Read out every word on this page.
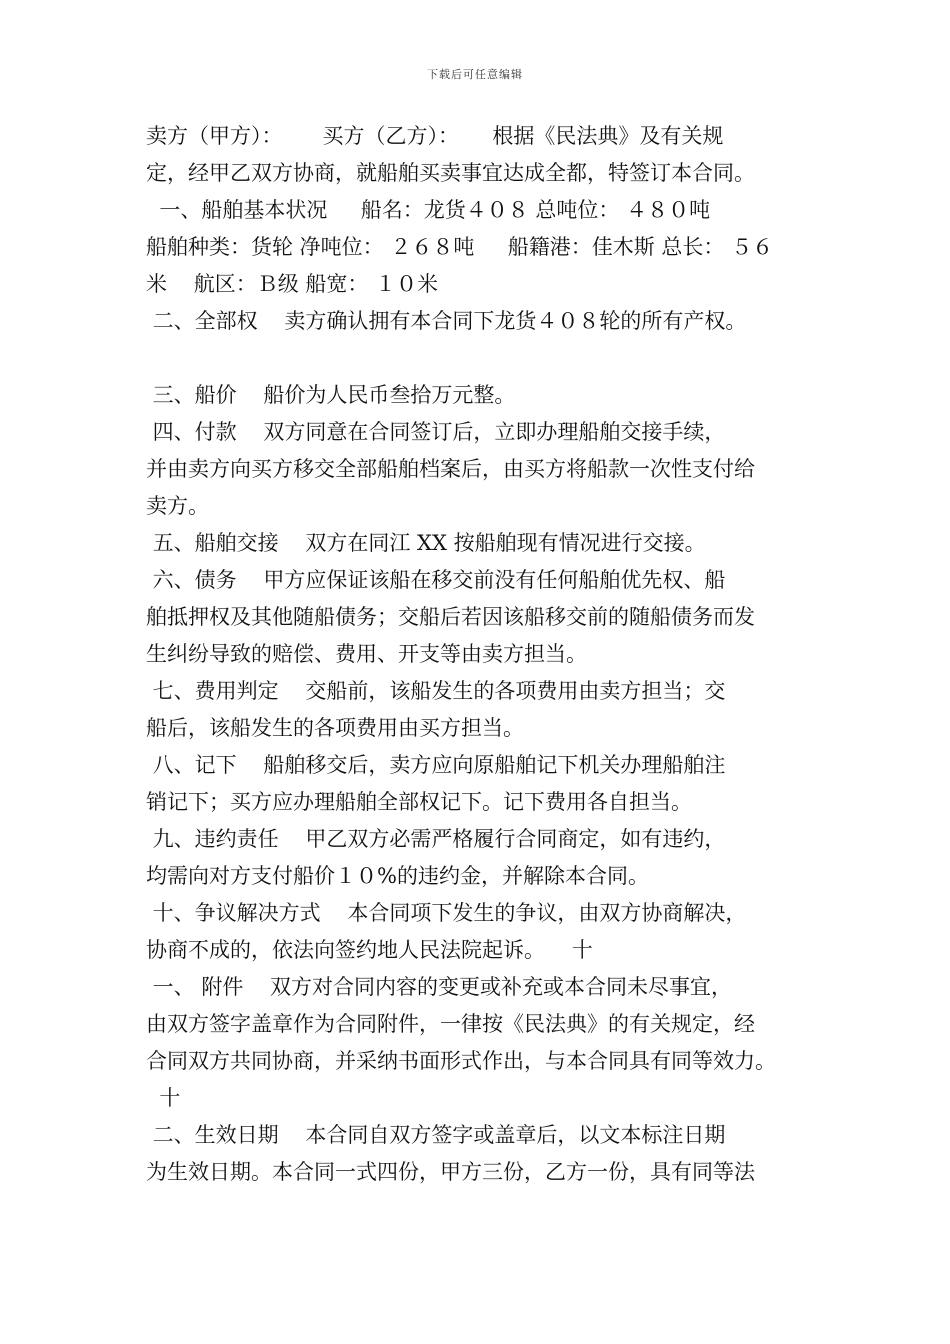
下载后可任意编辑
卖方（甲方）：      买方（乙方）：     根据《民法典》及有关规
定，经甲乙双方协商，就船舶买卖事宜达成全都，特签订本合同。
一、船舶基本状况     船名：龙货４０８ 总吨位： ４８０吨
船舶种类：货轮 净吨位： ２６８吨     船籍港：佳木斯 总长： ５６
米    航区：Ｂ级 船宽： １０米
二、全部权    卖方确认拥有本合同下龙货４０８轮的所有产权。
三、船价    船价为人民币叁拾万元整。
四、付款    双方同意在合同签订后，立即办理船舶交接手续，
并由卖方向买方移交全部船舶档案后，由买方将船款一次性支付给
卖方。
五、船舶交接    双方在同江 XX 按船舶现有情况进行交接。
六、债务    甲方应保证该船在移交前没有任何船舶优先权、船
舶抵押权及其他随船债务；交船后若因该船移交前的随船债务而发
生纠纷导致的赔偿、费用、开支等由卖方担当。
七、费用判定    交船前，该船发生的各项费用由卖方担当；交
船后，该船发生的各项费用由买方担当。
八、记下    船舶移交后，卖方应向原船舶记下机关办理船舶注
销记下；买方应办理船舶全部权记下。记下费用各自担当。
九、违约责任    甲乙双方必需严格履行合同商定，如有违约，
均需向对方支付船价１０%的违约金，并解除本合同。
十、争议解决方式    本合同项下发生的争议，由双方协商解决，
协商不成的，依法向签约地人民法院起诉。    十
一、 附件    双方对合同内容的变更或补充或本合同未尽事宜，
由双方签字盖章作为合同附件，一律按《民法典》的有关规定，经
合同双方共同协商，并采纳书面形式作出，与本合同具有同等效力。
十
二、生效日期    本合同自双方签字或盖章后，以文本标注日期
为生效日期。本合同一式四份，甲方三份，乙方一份，具有同等法
